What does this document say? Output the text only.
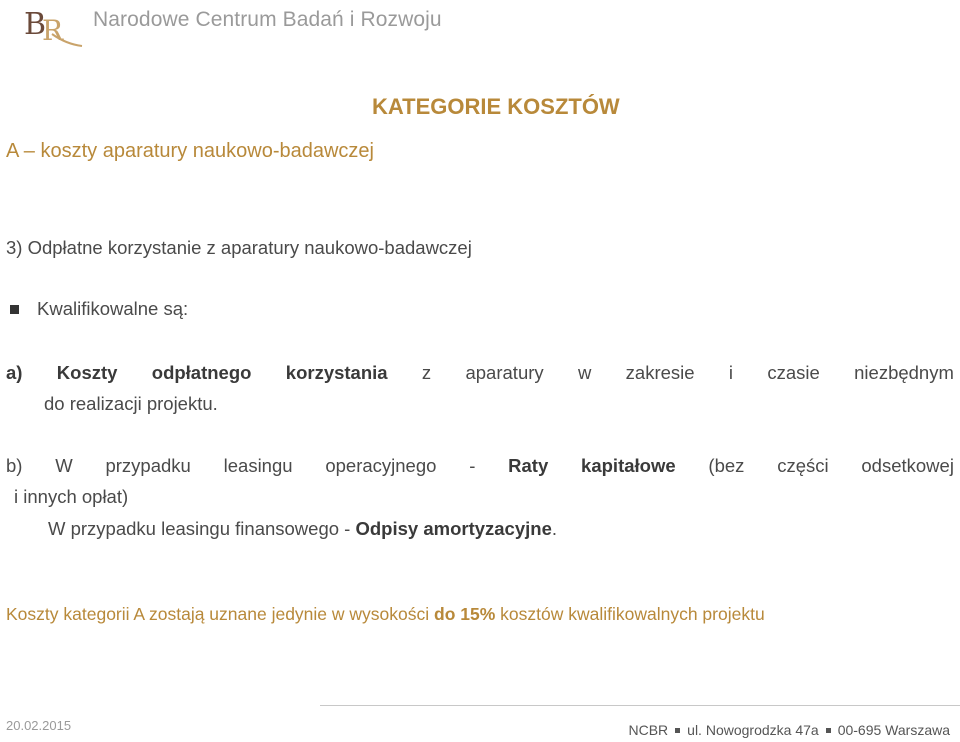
B
R Narodowe Centrum Badań i Rozwoju
KATEGORIE KOSZTÓW
A – koszty aparatury naukowo-badawczej
3) Odpłatne korzystanie z aparatury naukowo-badawczej
Kwalifikowalne są:
a) Koszty odpłatnego korzystania z aparatury w zakresie i czasie niezbędnym
do realizacji projektu.
b) W przypadku leasingu operacyjnego - Raty kapitałowe (bez części odsetkowej
i innych opłat)
W przypadku leasingu finansowego - Odpisy amortyzacyjne.
Koszty kategorii A zostają uznane jedynie w wysokości do 15% kosztów kwalifikowalnych projektu
20.02.2015	NCBR ul. Nowogrodzka 47a 00-695 Warszawa
